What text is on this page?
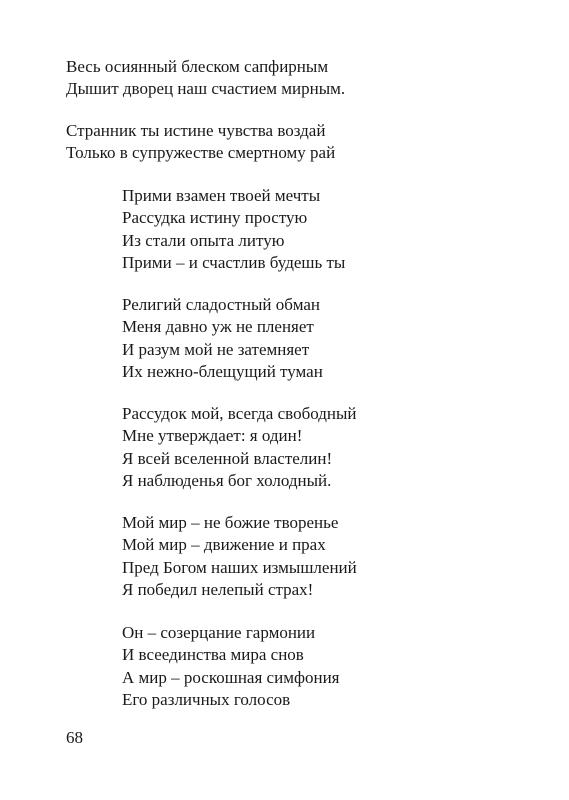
Весь осиянный блеском сапфирным
Дышит дворец наш счастием мирным.
Странник ты истине чувства воздай
Только в супружестве смертному рай
Прими взамен твоей мечты
Рассудка истину простую
Из стали опыта литую
Прими – и счастлив будешь ты
Религий сладостный обман
Меня давно уж не пленяет
И разум мой не затемняет
Их нежно-блещущий туман
Рассудок мой, всегда свободный
Мне утверждает: я один!
Я всей вселенной властелин!
Я наблюденья бог холодный.
Мой мир – не божие творенье
Мой мир – движение и прах
Пред Богом наших измышлений
Я победил нелепый страх!
Он – созерцание гармонии
И всеединства мира снов
А мир – роскошная симфония
Его различных голосов
68
